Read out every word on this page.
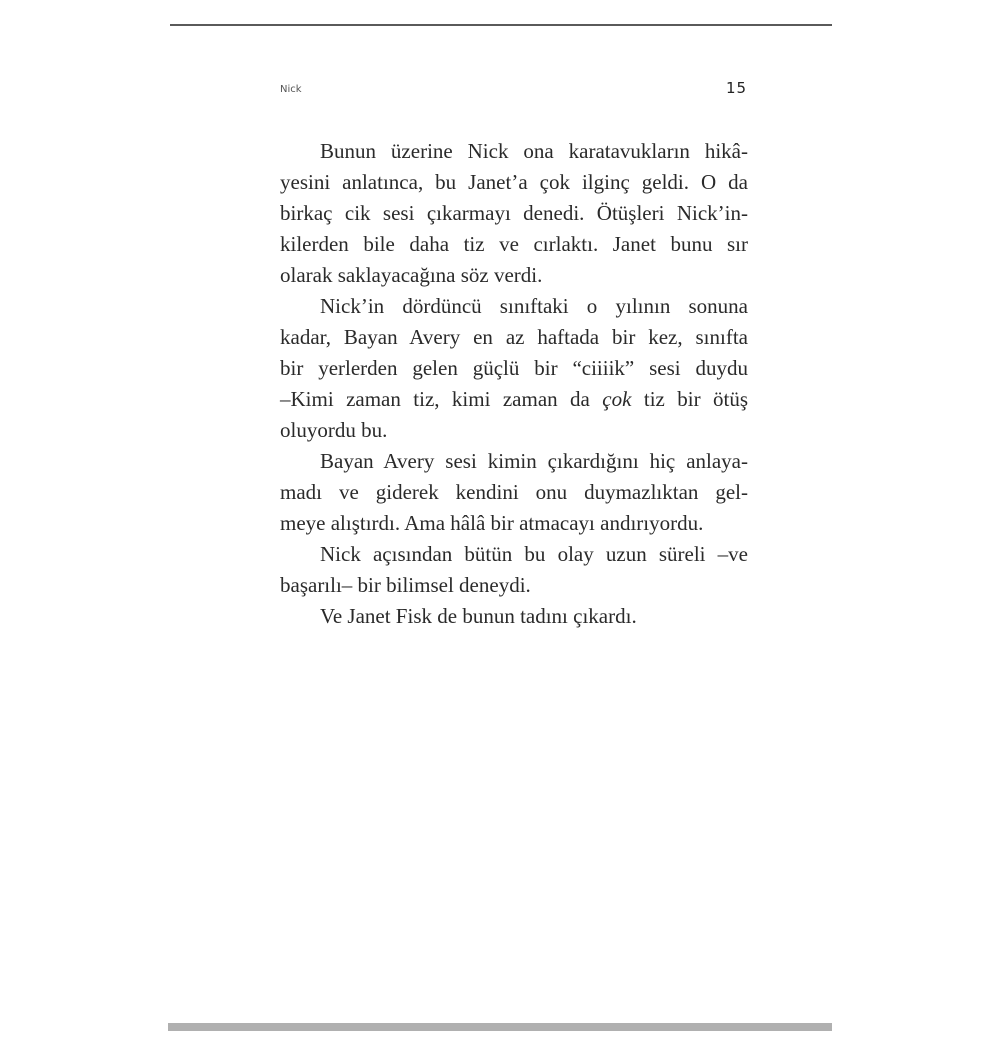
Nick	15
Bunun üzerine Nick ona karatavukların hikâ-
yesini anlatınca, bu Janet’a çok ilginç geldi. O da
birkaç cik sesi çıkarmayı denedi. Ötüşleri Nick’in-
kilerden bile daha tiz ve cırlaktı. Janet bunu sır
olarak saklayacağına söz verdi.
Nick’in dördüncü sınıftaki o yılının sonuna
kadar, Bayan Avery en az haftada bir kez, sınıfta
bir yerlerden gelen güçlü bir “ciiiik” sesi duydu
–Kimi zaman tiz, kimi zaman da çok tiz bir ötüş
oluyordu bu.
Bayan Avery sesi kimin çıkardığını hiç anlaya-
madı ve giderek kendini onu duymazlıktan gel-
meye alıştırdı. Ama hâlâ bir atmacayı andırıyordu.
Nick açısından bütün bu olay uzun süreli –ve
başarılı– bir bilimsel deneydi.
Ve Janet Fisk de bunun tadını çıkardı.
